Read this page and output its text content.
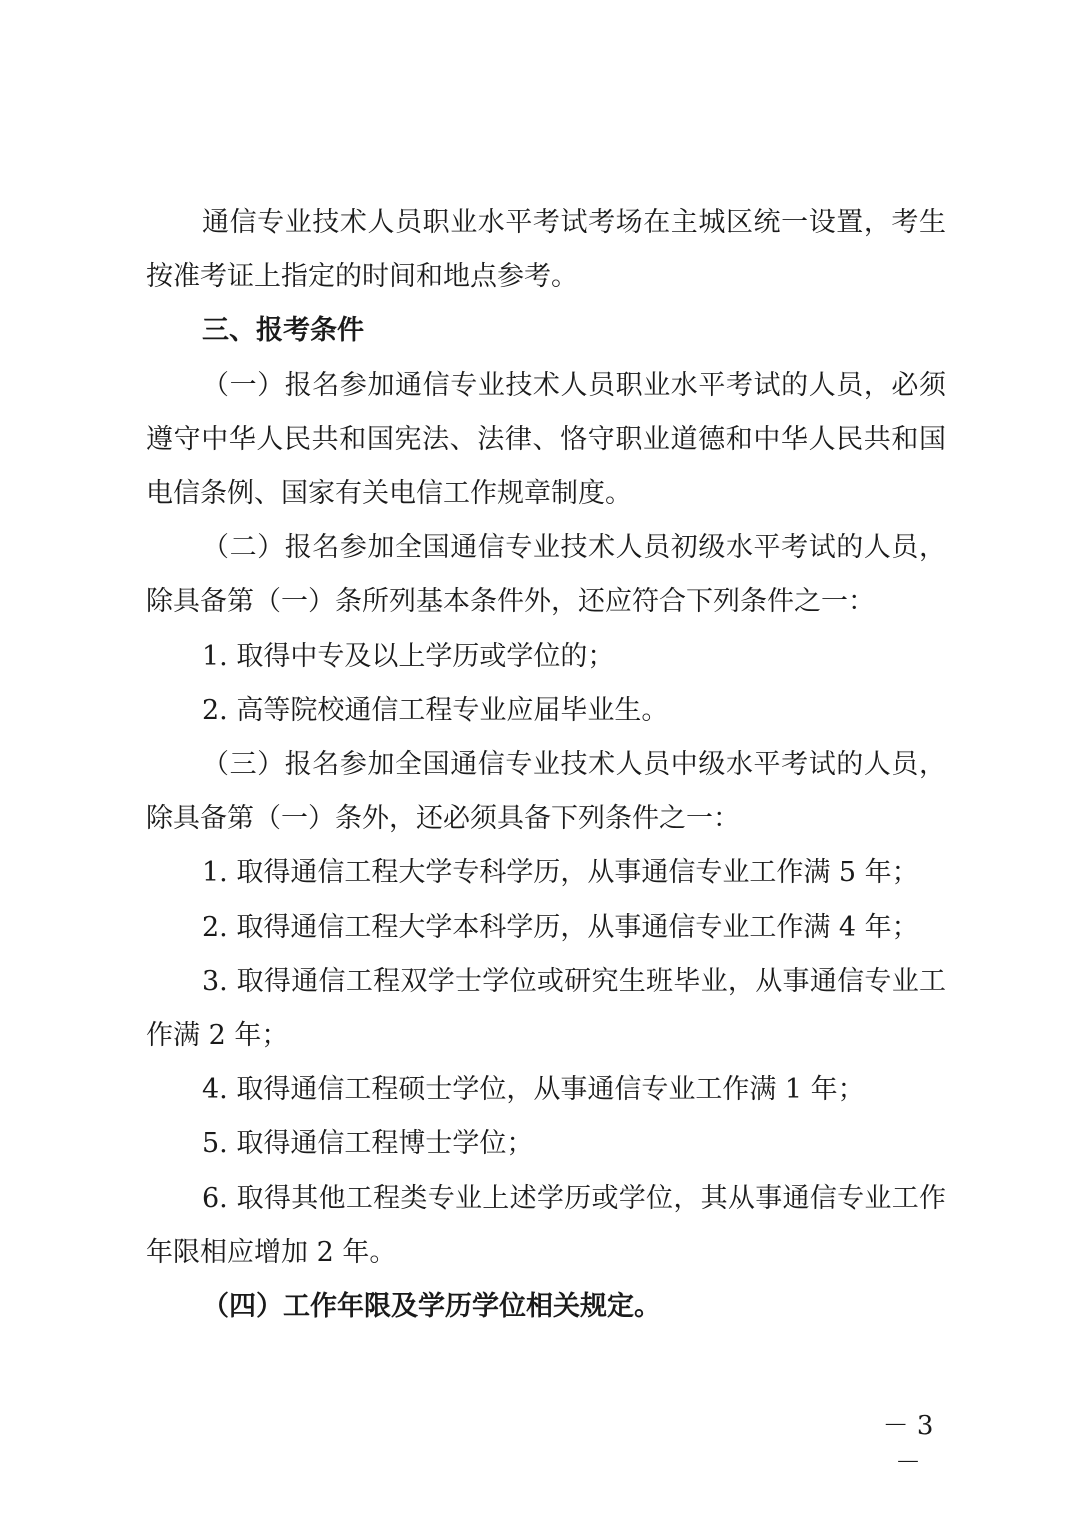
通信专业技术人员职业水平考试考场在主城区统一设置，考生按准考证上指定的时间和地点参考。

三、报考条件

（一）报名参加通信专业技术人员职业水平考试的人员，必须遵守中华人民共和国宪法、法律、恪守职业道德和中华人民共和国电信条例、国家有关电信工作规章制度。

（二）报名参加全国通信专业技术人员初级水平考试的人员，除具备第（一）条所列基本条件外，还应符合下列条件之一：

1. 取得中专及以上学历或学位的；

2. 高等院校通信工程专业应届毕业生。

（三）报名参加全国通信专业技术人员中级水平考试的人员，除具备第（一）条外，还必须具备下列条件之一：

1. 取得通信工程大学专科学历，从事通信专业工作满 5 年；

2. 取得通信工程大学本科学历，从事通信专业工作满 4 年；

3. 取得通信工程双学士学位或研究生班毕业，从事通信专业工作满 2 年；

4. 取得通信工程硕士学位，从事通信专业工作满 1 年；

5. 取得通信工程博士学位；

6. 取得其他工程类专业上述学历或学位，其从事通信专业工作年限相应增加 2 年。

（四）工作年限及学历学位相关规定。

－ 3 －
